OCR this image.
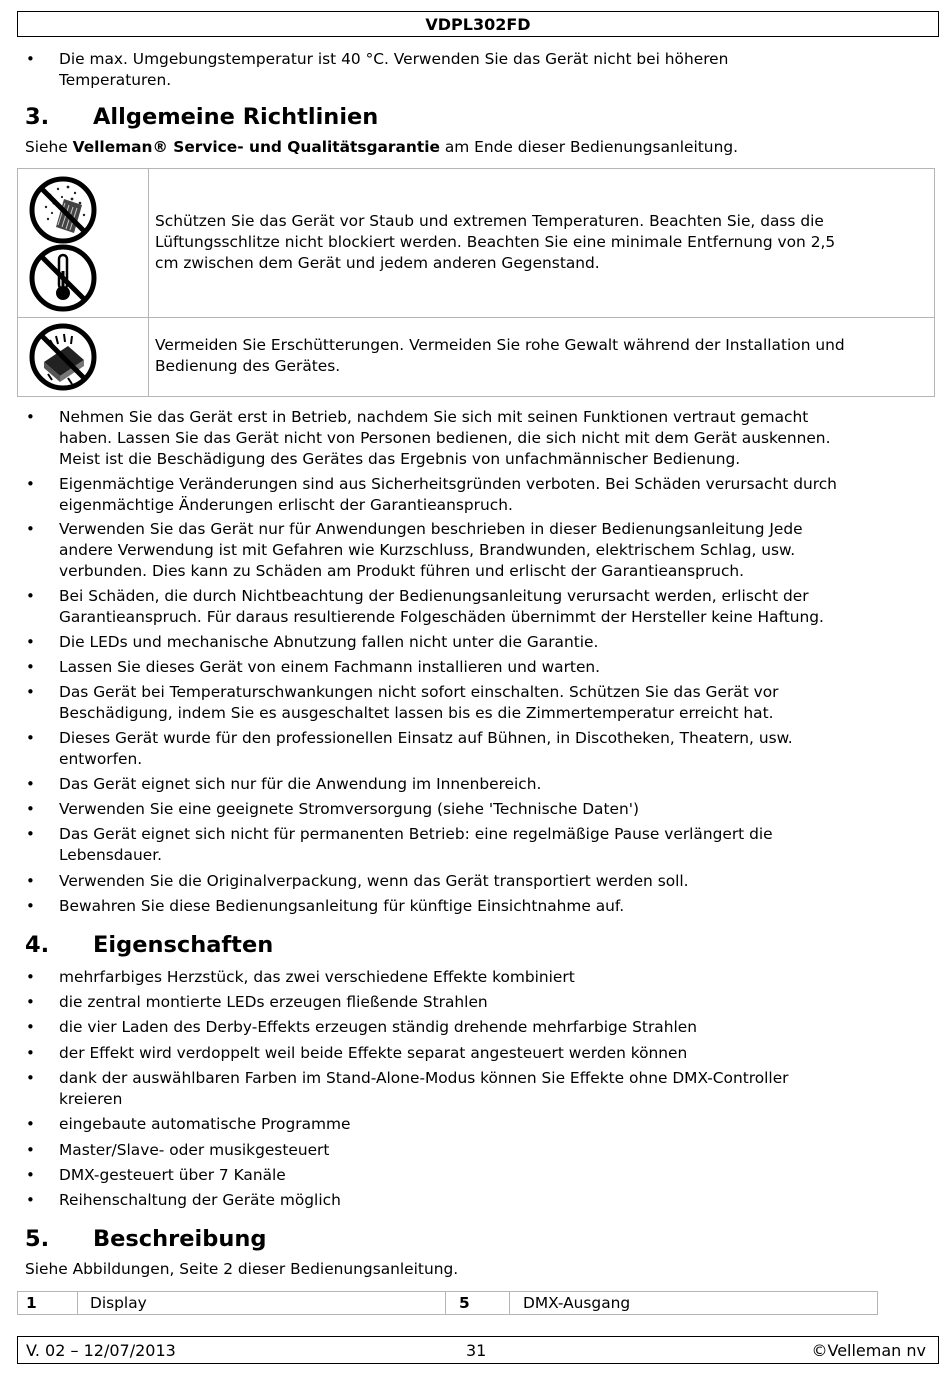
VDPL302FD
• Die max. Umgebungstemperatur ist 40 °C. Verwenden Sie das Gerät nicht bei höheren
Temperaturen.
3. Allgemeine Richtlinien
Siehe Velleman® Service- und Qualitätsgarantie am Ende dieser Bedienungsanleitung.
Schützen Sie das Gerät vor Staub und extremen Temperaturen. Beachten Sie, dass die
Lüftungsschlitze nicht blockiert werden. Beachten Sie eine minimale Entfernung von 2,5
cm zwischen dem Gerät und jedem anderen Gegenstand.
Vermeiden Sie Erschütterungen. Vermeiden Sie rohe Gewalt während der Installation und
Bedienung des Gerätes.
• Nehmen Sie das Gerät erst in Betrieb, nachdem Sie sich mit seinen Funktionen vertraut gemacht
haben. Lassen Sie das Gerät nicht von Personen bedienen, die sich nicht mit dem Gerät auskennen.
Meist ist die Beschädigung des Gerätes das Ergebnis von unfachmännischer Bedienung.
• Eigenmächtige Veränderungen sind aus Sicherheitsgründen verboten. Bei Schäden verursacht durch
eigenmächtige Änderungen erlischt der Garantieanspruch.
• Verwenden Sie das Gerät nur für Anwendungen beschrieben in dieser Bedienungsanleitung Jede
andere Verwendung ist mit Gefahren wie Kurzschluss, Brandwunden, elektrischem Schlag, usw.
verbunden. Dies kann zu Schäden am Produkt führen und erlischt der Garantieanspruch.
• Bei Schäden, die durch Nichtbeachtung der Bedienungsanleitung verursacht werden, erlischt der
Garantieanspruch. Für daraus resultierende Folgeschäden übernimmt der Hersteller keine Haftung.
• Die LEDs und mechanische Abnutzung fallen nicht unter die Garantie.
• Lassen Sie dieses Gerät von einem Fachmann installieren und warten.
• Das Gerät bei Temperaturschwankungen nicht sofort einschalten. Schützen Sie das Gerät vor
Beschädigung, indem Sie es ausgeschaltet lassen bis es die Zimmertemperatur erreicht hat.
• Dieses Gerät wurde für den professionellen Einsatz auf Bühnen, in Discotheken, Theatern, usw.
entworfen.
• Das Gerät eignet sich nur für die Anwendung im Innenbereich.
• Verwenden Sie eine geeignete Stromversorgung (siehe 'Technische Daten')
• Das Gerät eignet sich nicht für permanenten Betrieb: eine regelmäßige Pause verlängert die
Lebensdauer.
• Verwenden Sie die Originalverpackung, wenn das Gerät transportiert werden soll.
• Bewahren Sie diese Bedienungsanleitung für künftige Einsichtnahme auf.
4. Eigenschaften
• mehrfarbiges Herzstück, das zwei verschiedene Effekte kombiniert
• die zentral montierte LEDs erzeugen fließende Strahlen
• die vier Laden des Derby-Effekts erzeugen ständig drehende mehrfarbige Strahlen
• der Effekt wird verdoppelt weil beide Effekte separat angesteuert werden können
• dank der auswählbaren Farben im Stand-Alone-Modus können Sie Effekte ohne DMX-Controller
kreieren
• eingebaute automatische Programme
• Master/Slave- oder musikgesteuert
• DMX-gesteuert über 7 Kanäle
• Reihenschaltung der Geräte möglich
5. Beschreibung
Siehe Abbildungen, Seite 2 dieser Bedienungsanleitung.
1	Display	5	DMX-Ausgang
V. 02 – 12/07/2013	31	©Velleman nv
